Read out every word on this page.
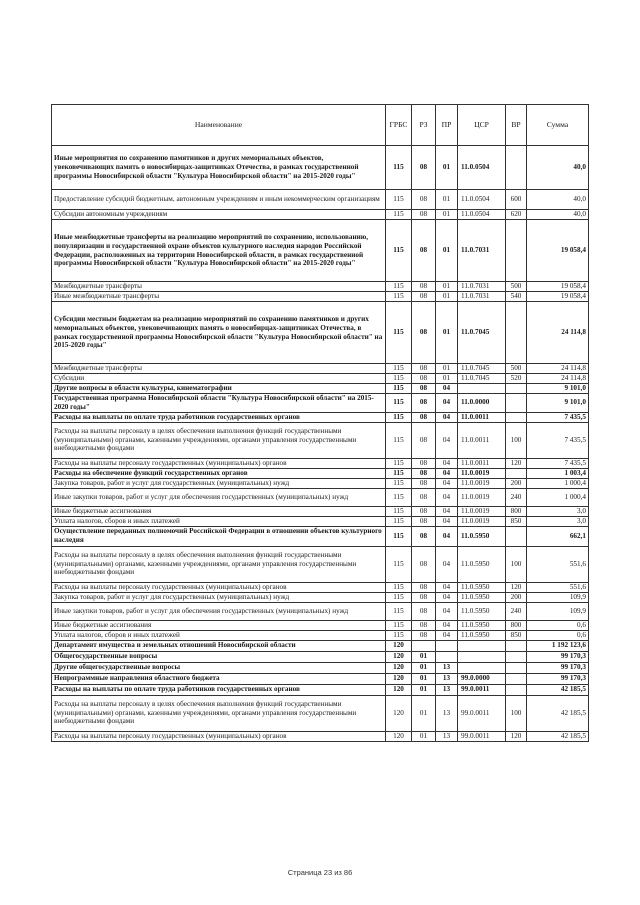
Наименование	ГРБС	РЗ	ПР	ЦСР	ВР	Сумма
Иные мероприятия по сохранению памятников и других мемориальных объектов, увековечивающих память о новосибирцах-защитниках Отечества, в рамках государственной программы Новосибирской области "Культура Новосибирской области" на 2015-2020 годы"	115	08	01	11.0.0504		40,0
Предоставление субсидий бюджетным, автономным учреждениям и иным некоммерческим организациям	115	08	01	11.0.0504	600	40,0
Субсидии автономным учреждениям	115	08	01	11.0.0504	620	40,0
Иные межбюджетные трансферты на реализацию мероприятий по сохранению, использованию, популяризации и государственной охране объектов культурного наследия народов Российской Федерации, расположенных на территории Новосибирской области, в рамках государственной программы Новосибирской области "Культура Новосибирской области" на 2015-2020 годы"	115	08	01	11.0.7031		19 058,4
Межбюджетные трансферты	115	08	01	11.0.7031	500	19 058,4
Иные межбюджетные трансферты	115	08	01	11.0.7031	540	19 058,4
Субсидии местным бюджетам на реализацию мероприятий по сохранению памятников и других мемориальных объектов, увековечивающих память о новосибирцах-защитниках Отечества, в рамках государственной программы Новосибирской области "Культура Новосибирской области" на 2015-2020 годы"	115	08	01	11.0.7045		24 114,8
Межбюджетные трансферты	115	08	01	11.0.7045	500	24 114,8
Субсидии	115	08	01	11.0.7045	520	24 114,8
Другие вопросы в области культуры, кинематографии	115	08	04			9 101,0
Государственная программа Новосибирской области "Культура Новосибирской области" на 2015-2020 годы"	115	08	04	11.0.0000		9 101,0
Расходы на выплаты по оплате труда работников государственных органов	115	08	04	11.0.0011		7 435,5
Расходы на выплаты персоналу в целях обеспечения выполнения функций государственными (муниципальными) органами, казенными учреждениями, органами управления государственными внебюджетными фондами	115	08	04	11.0.0011	100	7 435,5
Расходы на выплаты персоналу государственных (муниципальных) органов	115	08	04	11.0.0011	120	7 435,5
Расходы на обеспечение функций государственных органов	115	08	04	11.0.0019		1 003,4
Закупка товаров, работ и услуг для государственных (муниципальных) нужд	115	08	04	11.0.0019	200	1 000,4
Иные закупки товаров, работ и услуг для обеспечения государственных (муниципальных) нужд	115	08	04	11.0.0019	240	1 000,4
Иные бюджетные ассигнования	115	08	04	11.0.0019	800	3,0
Уплата налогов, сборов и иных платежей	115	08	04	11.0.0019	850	3,0
Осуществление переданных полномочий Российской Федерации в отношении объектов культурного наследия	115	08	04	11.0.5950		662,1
Расходы на выплаты персоналу в целях обеспечения выполнения функций государственными (муниципальными) органами, казенными учреждениями, органами управления государственными внебюджетными фондами	115	08	04	11.0.5950	100	551,6
Расходы на выплаты персоналу государственных (муниципальных) органов	115	08	04	11.0.5950	120	551,6
Закупка товаров, работ и услуг для государственных (муниципальных) нужд	115	08	04	11.0.5950	200	109,9
Иные закупки товаров, работ и услуг для обеспечения государственных (муниципальных) нужд	115	08	04	11.0.5950	240	109,9
Иные бюджетные ассигнования	115	08	04	11.0.5950	800	0,6
Уплата налогов, сборов и иных платежей	115	08	04	11.0.5950	850	0,6
Департамент имущества и земельных отношений Новосибирской области	120					1 192 123,6
Общегосударственные вопросы	120	01				99 170,3
Другие общегосударственные вопросы	120	01	13			99 170,3
Непрограммные направления областного бюджета	120	01	13	99.0.0000		99 170,3
Расходы на выплаты по оплате труда работников государственных органов	120	01	13	99.0.0011		42 185,5
Расходы на выплаты персоналу в целях обеспечения выполнения функций государственными (муниципальными) органами, казенными учреждениями, органами управления государственными внебюджетными фондами	120	01	13	99.0.0011	100	42 185,5
Расходы на выплаты персоналу государственных (муниципальных) органов	120	01	13	99.0.0011	120	42 185,5
Страница 23 из 86
